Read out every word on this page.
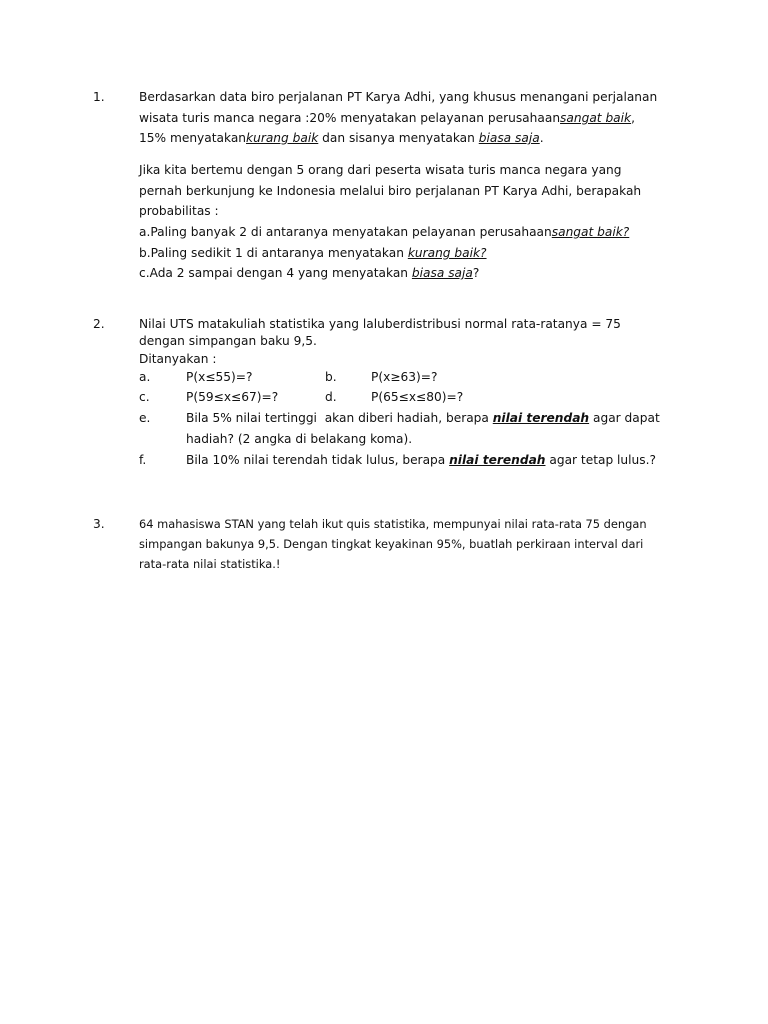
1.	Berdasarkan data biro perjalanan PT Karya Adhi, yang khusus menangani perjalanan
wisata turis manca negara :20% menyatakan pelayanan perusahaansangat baik,
15% menyatakankurang baik dan sisanya menyatakan biasa saja.
Jika kita bertemu dengan 5 orang dari peserta wisata turis manca negara yang
pernah berkunjung ke Indonesia melalui biro perjalanan PT Karya Adhi, berapakah
probabilitas :
a.Paling banyak 2 di antaranya menyatakan pelayanan perusahaansangat baik?
b.Paling sedikit 1 di antaranya menyatakan kurang baik?
c.Ada 2 sampai dengan 4 yang menyatakan biasa saja?
2.	Nilai UTS matakuliah statistika yang laluberdistribusi normal rata-ratanya = 75
dengan simpangan baku 9,5.
Ditanyakan :
a.	P(x≤55)=?	b.	P(x≥63)=?
c.	P(59≤x≤67)=?	d.	P(65≤x≤80)=?
e.	Bila 5% nilai tertinggi  akan diberi hadiah, berapa nilai terendah agar dapat
hadiah? (2 angka di belakang koma).
f.	Bila 10% nilai terendah tidak lulus, berapa nilai terendah agar tetap lulus.?
3.	64 mahasiswa STAN yang telah ikut quis statistika, mempunyai nilai rata-rata 75 dengan
simpangan bakunya 9,5. Dengan tingkat keyakinan 95%, buatlah perkiraan interval dari
rata-rata nilai statistika.!
